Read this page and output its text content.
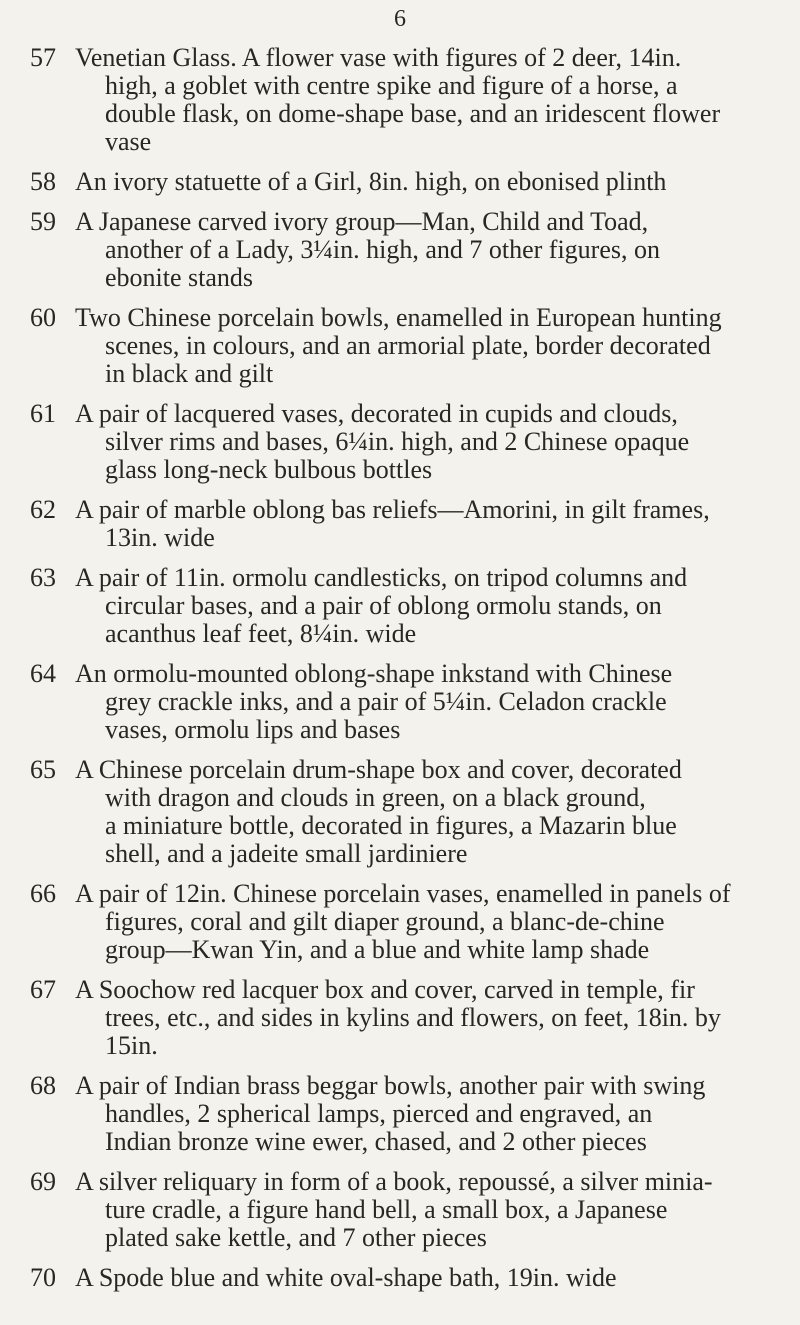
6
57 Venetian Glass. A flower vase with figures of 2 deer, 14in.
high, a goblet with centre spike and figure of a horse, a
double flask, on dome-shape base, and an iridescent flower
vase
58 An ivory statuette of a Girl, 8in. high, on ebonised plinth
59 A Japanese carved ivory group—Man, Child and Toad,
another of a Lady, 3¼in. high, and 7 other figures, on
ebonite stands
60 Two Chinese porcelain bowls, enamelled in European hunting
scenes, in colours, and an armorial plate, border decorated
in black and gilt
61 A pair of lacquered vases, decorated in cupids and clouds,
silver rims and bases, 6¼in. high, and 2 Chinese opaque
glass long-neck bulbous bottles
62 A pair of marble oblong bas reliefs—Amorini, in gilt frames,
13in. wide
63 A pair of 11in. ormolu candlesticks, on tripod columns and
circular bases, and a pair of oblong ormolu stands, on
acanthus leaf feet, 8¼in. wide
64 An ormolu-mounted oblong-shape inkstand with Chinese
grey crackle inks, and a pair of 5¼in. Celadon crackle
vases, ormolu lips and bases
65 A Chinese porcelain drum-shape box and cover, decorated
with dragon and clouds in green, on a black ground,
a miniature bottle, decorated in figures, a Mazarin blue
shell, and a jadeite small jardiniere
66 A pair of 12in. Chinese porcelain vases, enamelled in panels of
figures, coral and gilt diaper ground, a blanc-de-chine
group—Kwan Yin, and a blue and white lamp shade
67 A Soochow red lacquer box and cover, carved in temple, fir
trees, etc., and sides in kylins and flowers, on feet, 18in. by
15in.
68 A pair of Indian brass beggar bowls, another pair with swing
handles, 2 spherical lamps, pierced and engraved, an
Indian bronze wine ewer, chased, and 2 other pieces
69 A silver reliquary in form of a book, repoussé, a silver minia-
ture cradle, a figure hand bell, a small box, a Japanese
plated sake kettle, and 7 other pieces
70 A Spode blue and white oval-shape bath, 19in. wide
